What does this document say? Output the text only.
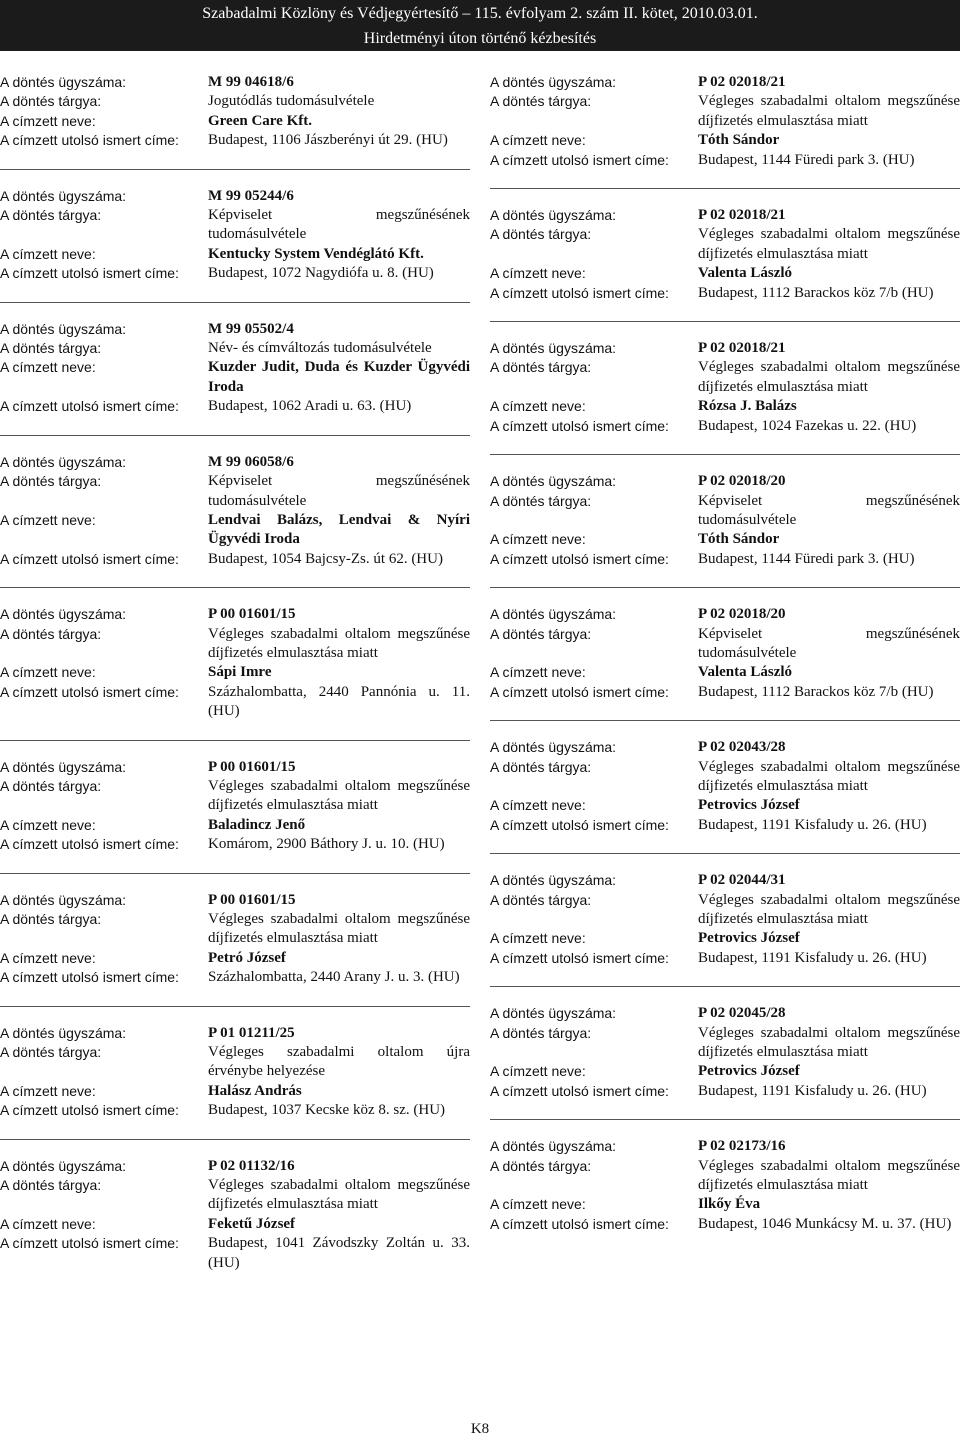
Szabadalmi Közlöny és Védjegyértesítő – 115. évfolyam 2. szám II. kötet, 2010.03.01.
Hirdetményi úton történő kézbesítés
A döntés ügyszáma:	M 99 04618/6
A döntés tárgya:	Jogutódlás tudomásulvétele
A címzett neve:	Green Care Kft.
A címzett utolsó ismert címe:	Budapest, 1106 Jászberényi út 29. (HU)
A döntés ügyszáma:	M 99 05244/6
A döntés tárgya:	Képviselet megszűnésének tudomásulvétele
A címzett neve:	Kentucky System Vendéglátó Kft.
A címzett utolsó ismert címe:	Budapest, 1072 Nagydiófa u. 8. (HU)
A döntés ügyszáma:	M 99 05502/4
A döntés tárgya:	Név- és címváltozás tudomásulvétele
A címzett neve:	Kuzder Judit, Duda és Kuzder Ügyvédi Iroda
A címzett utolsó ismert címe:	Budapest, 1062 Aradi u. 63. (HU)
A döntés ügyszáma:	M 99 06058/6
A döntés tárgya:	Képviselet megszűnésének tudomásulvétele
A címzett neve:	Lendvai Balázs, Lendvai & Nyíri Ügyvédi Iroda
A címzett utolsó ismert címe:	Budapest, 1054 Bajcsy-Zs. út 62. (HU)
A döntés ügyszáma:	P 00 01601/15
A döntés tárgya:	Végleges szabadalmi oltalom megszűnése díjfizetés elmulasztása miatt
A címzett neve:	Sápi Imre
A címzett utolsó ismert címe:	Százhalombatta, 2440 Pannónia u. 11. (HU)
A döntés ügyszáma:	P 00 01601/15
A döntés tárgya:	Végleges szabadalmi oltalom megszűnése díjfizetés elmulasztása miatt
A címzett neve:	Baladincz Jenő
A címzett utolsó ismert címe:	Komárom, 2900 Báthory J. u. 10. (HU)
A döntés ügyszáma:	P 00 01601/15
A döntés tárgya:	Végleges szabadalmi oltalom megszűnése díjfizetés elmulasztása miatt
A címzett neve:	Petró József
A címzett utolsó ismert címe:	Százhalombatta, 2440 Arany J. u. 3. (HU)
A döntés ügyszáma:	P 01 01211/25
A döntés tárgya:	Végleges szabadalmi oltalom újra érvénybe helyezése
A címzett neve:	Halász András
A címzett utolsó ismert címe:	Budapest, 1037 Kecske köz 8. sz. (HU)
A döntés ügyszáma:	P 02 01132/16
A döntés tárgya:	Végleges szabadalmi oltalom megszűnése díjfizetés elmulasztása miatt
A címzett neve:	Feketű József
A címzett utolsó ismert címe:	Budapest, 1041 Závodszky Zoltán u. 33. (HU)
A döntés ügyszáma:	P 02 02018/21
A döntés tárgya:	Végleges szabadalmi oltalom megszűnése díjfizetés elmulasztása miatt
A címzett neve:	Tóth Sándor
A címzett utolsó ismert címe:	Budapest, 1144 Füredi park 3. (HU)
A döntés ügyszáma:	P 02 02018/21
A döntés tárgya:	Végleges szabadalmi oltalom megszűnése díjfizetés elmulasztása miatt
A címzett neve:	Valenta László
A címzett utolsó ismert címe:	Budapest, 1112 Barackos köz 7/b (HU)
A döntés ügyszáma:	P 02 02018/21
A döntés tárgya:	Végleges szabadalmi oltalom megszűnése díjfizetés elmulasztása miatt
A címzett neve:	Rózsa J. Balázs
A címzett utolsó ismert címe:	Budapest, 1024 Fazekas u. 22. (HU)
A döntés ügyszáma:	P 02 02018/20
A döntés tárgya:	Képviselet megszűnésének tudomásulvétele
A címzett neve:	Tóth Sándor
A címzett utolsó ismert címe:	Budapest, 1144 Füredi park 3. (HU)
A döntés ügyszáma:	P 02 02018/20
A döntés tárgya:	Képviselet megszűnésének tudomásulvétele
A címzett neve:	Valenta László
A címzett utolsó ismert címe:	Budapest, 1112 Barackos köz 7/b (HU)
A döntés ügyszáma:	P 02 02043/28
A döntés tárgya:	Végleges szabadalmi oltalom megszűnése díjfizetés elmulasztása miatt
A címzett neve:	Petrovics József
A címzett utolsó ismert címe:	Budapest, 1191 Kisfaludy u. 26. (HU)
A döntés ügyszáma:	P 02 02044/31
A döntés tárgya:	Végleges szabadalmi oltalom megszűnése díjfizetés elmulasztása miatt
A címzett neve:	Petrovics József
A címzett utolsó ismert címe:	Budapest, 1191 Kisfaludy u. 26. (HU)
A döntés ügyszáma:	P 02 02045/28
A döntés tárgya:	Végleges szabadalmi oltalom megszűnése díjfizetés elmulasztása miatt
A címzett neve:	Petrovics József
A címzett utolsó ismert címe:	Budapest, 1191 Kisfaludy u. 26. (HU)
A döntés ügyszáma:	P 02 02173/16
A döntés tárgya:	Végleges szabadalmi oltalom megszűnése díjfizetés elmulasztása miatt
A címzett neve:	Ilkőy Éva
A címzett utolsó ismert címe:	Budapest, 1046 Munkácsy M. u. 37. (HU)
K8
